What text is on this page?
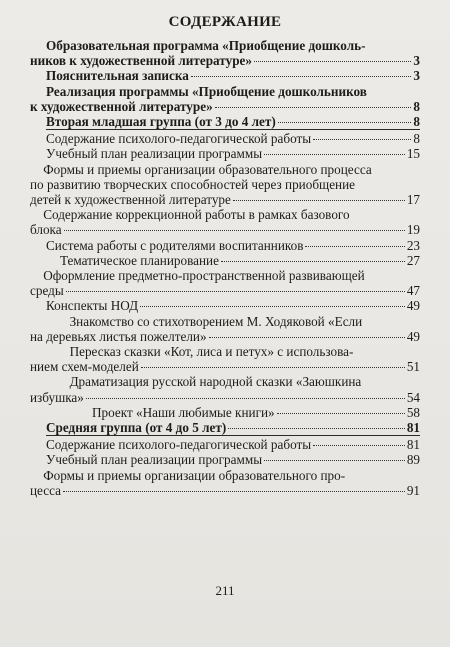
СОДЕРЖАНИЕ
Образовательная программа «Приобщение дошколь-
ников к художественной литературе»	3
Пояснительная записка	3
Реализация программы «Приобщение дошкольников
к художественной литературе»	8
Вторая младшая группа (от 3 до 4 лет)	8
Содержание психолого-педагогической работы	8
Учебный план реализации программы	15
Формы и приемы организации образовательного процесса
по развитию творческих способностей через приобщение
детей к художественной литературе	17
Содержание коррекционной работы в рамках базового
блока	19
Система работы с родителями воспитанников	23
Тематическое планирование	27
Оформление предметно-пространственной развивающей
среды	47
Конспекты НОД	49
Знакомство со стихотворением М. Ходяковой «Если
на деревьях листья пожелтели»	49
Пересказ сказки «Кот, лиса и петух» с использова-
нием схем-моделей	51
Драматизация русской народной сказки «Заюшкина
избушка»	54
Проект «Наши любимые книги»	58
Средняя группа (от 4 до 5 лет)	81
Содержание психолого-педагогической работы	81
Учебный план реализации программы	89
Формы и приемы организации образовательного про-
цесса	91
211
